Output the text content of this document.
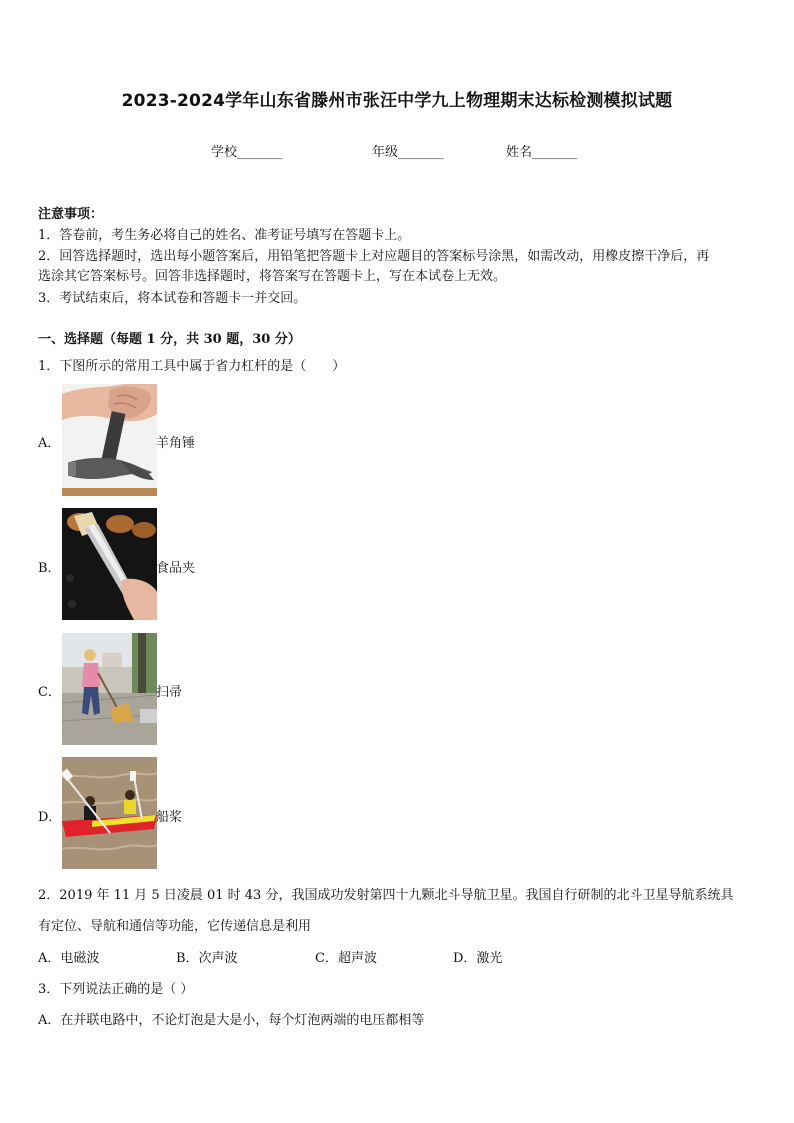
2023-2024学年山东省滕州市张汪中学九上物理期末达标检测模拟试题
学校_______	年级_______	姓名_______
注意事项：
1．答卷前，考生务必将自己的姓名、准考证号填写在答题卡上。
2．回答选择题时，选出每小题答案后，用铅笔把答题卡上对应题目的答案标号涂黑，如需改动，用橡皮擦干净后，再
选涂其它答案标号。回答非选择题时，将答案写在答题卡上，写在本试卷上无效。
3．考试结束后，将本试卷和答题卡一并交回。
一、选择题（每题 1 分，共 30 题，30 分）
1．下图所示的常用工具中属于省力杠杆的是（　　）
A．	羊角锤
B．	食品夹
C．	扫帚
D．	船桨
2．2019 年 11 月 5 日凌晨 01 时 43 分，我国成功发射第四十九颗北斗导航卫星。我国自行研制的北斗卫星导航系统具
有定位、导航和通信等功能，它传递信息是利用
A．电磁波	B．次声波	C．超声波	D．激光
3．下列说法正确的是（ ）
A．在并联电路中，不论灯泡是大是小，每个灯泡两端的电压都相等
